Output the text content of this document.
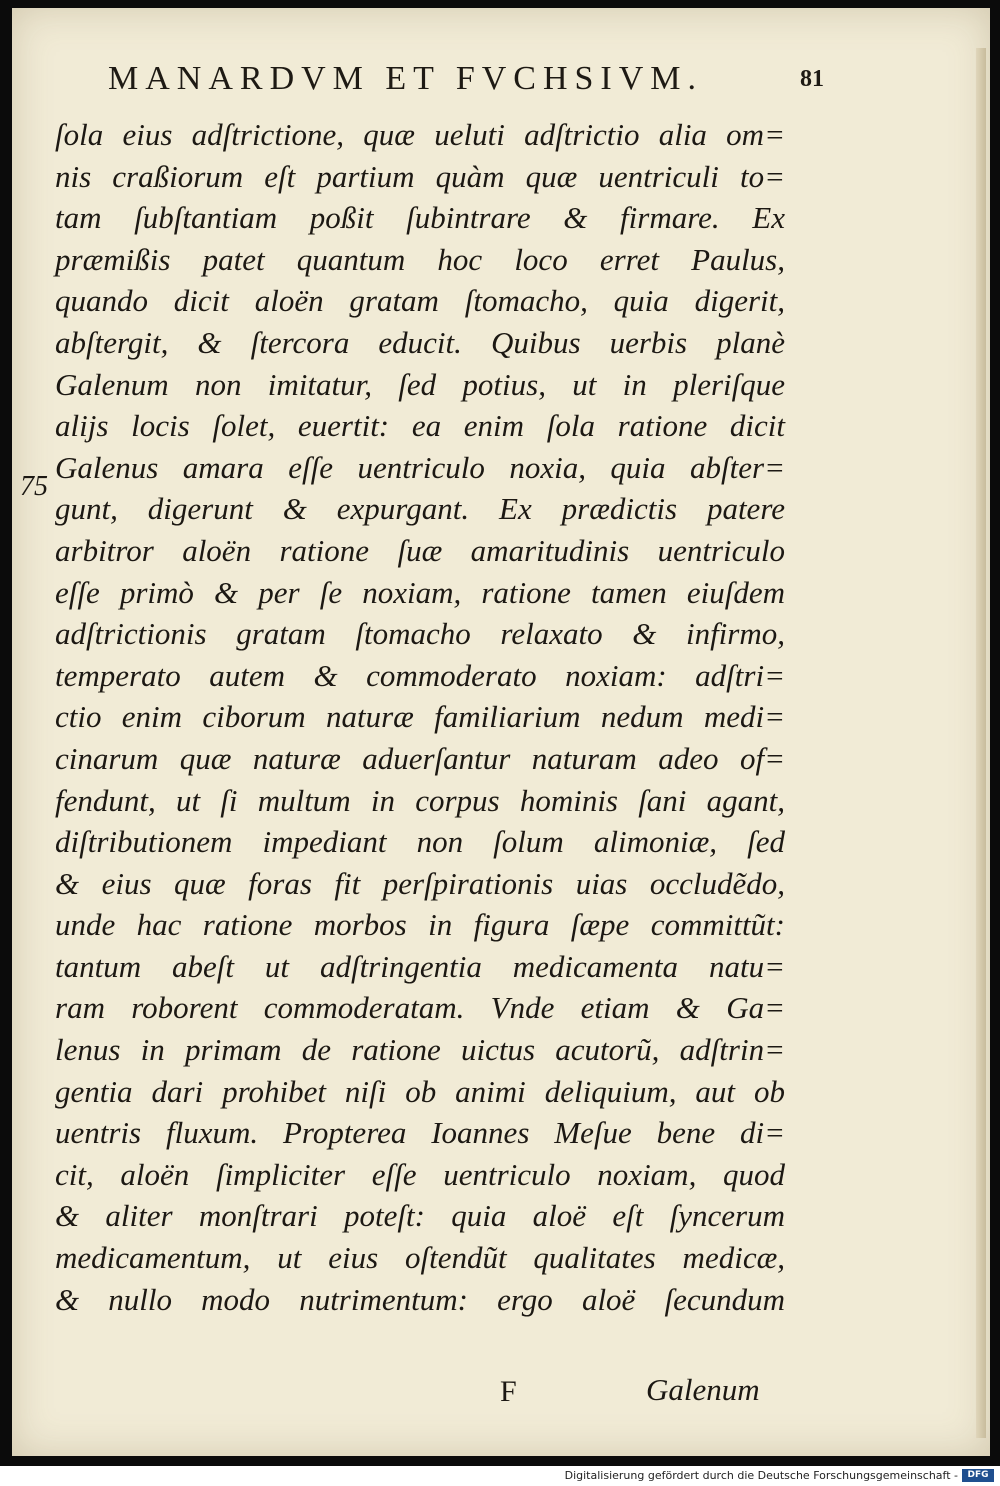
MANARDVM ET FVCHSIVM.	81
75
ſola eius adſtrictione, quæ ueluti adſtrictio alia om=
nis craßiorum eſt partium quàm quæ uentriculi to=
tam ſubſtantiam poßit ſubintrare & firmare. Ex
præmißis patet quantum hoc loco erret Paulus,
quando dicit aloën gratam ſtomacho, quia digerit,
abſtergit, & ſtercora educit. Quibus uerbis planè
Galenum non imitatur, ſed potius, ut in pleriſque
alijs locis ſolet, euertit: ea enim ſola ratione dicit
Galenus amara eſſe uentriculo noxia, quia abſter=
gunt, digerunt & expurgant. Ex prædictis patere
arbitror aloën ratione ſuæ amaritudinis uentriculo
eſſe primò & per ſe noxiam, ratione tamen eiuſdem
adſtrictionis gratam ſtomacho relaxato & infirmo,
temperato autem & commoderato noxiam: adſtri=
ctio enim ciborum naturæ familiarium nedum medi=
cinarum quæ naturæ aduerſantur naturam adeo of=
fendunt, ut ſi multum in corpus hominis ſani agant,
diſtributionem impediant non ſolum alimoniæ, ſed
& eius quæ foras fit perſpirationis uias occludẽdo,
unde hac ratione morbos in figura ſæpe committũt:
tantum abeſt ut adſtringentia medicamenta natu=
ram roborent commoderatam. Vnde etiam & Ga=
lenus in primam de ratione uictus acutorũ, adſtrin=
gentia dari prohibet niſi ob animi deliquium, aut ob
uentris fluxum. Propterea Ioannes Meſue bene di=
cit, aloën ſimpliciter eſſe uentriculo noxiam, quod
& aliter monſtrari poteſt: quia aloë eſt ſyncerum
medicamentum, ut eius oſtendũt qualitates medicæ,
& nullo modo nutrimentum: ergo aloë ſecundum
F	Galenum
Digitalisierung gefördert durch die Deutsche Forschungsgemeinschaft -	DFG
